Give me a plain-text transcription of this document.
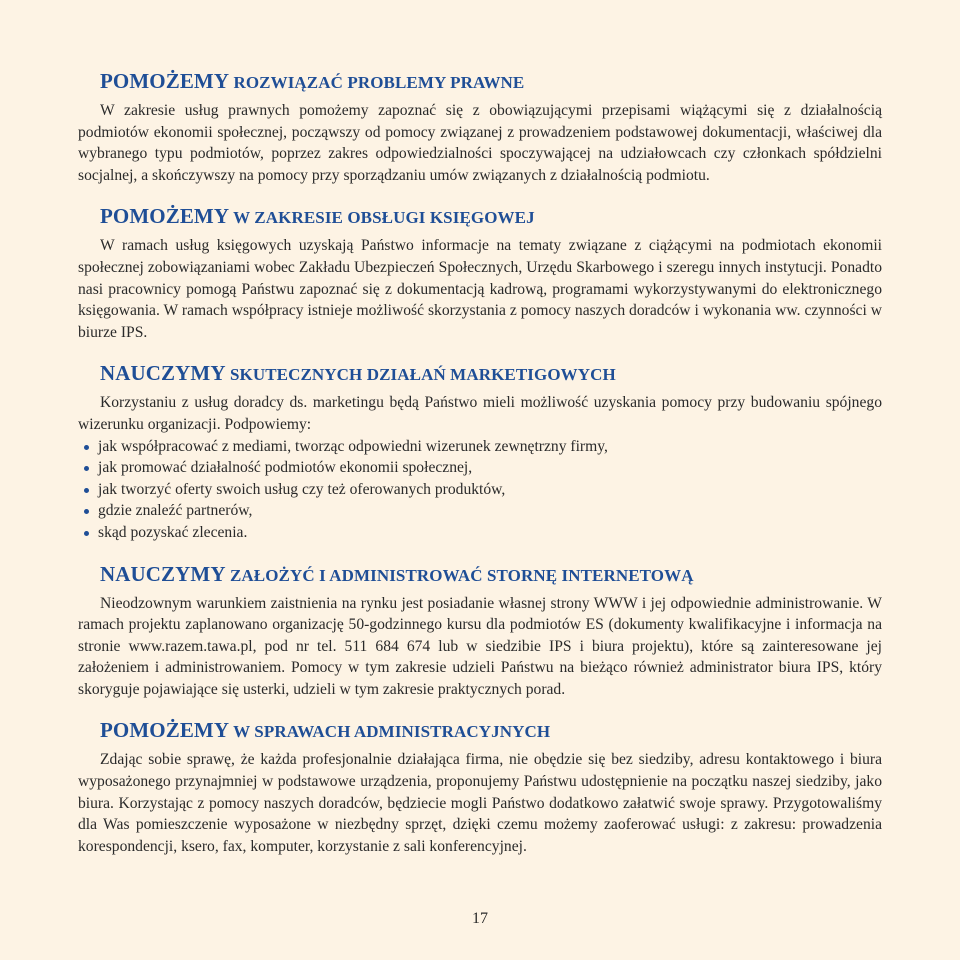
POMOŻEMY ROZWIĄZAĆ PROBLEMY PRAWNE

W zakresie usług prawnych pomożemy zapoznać się z obowiązującymi przepisami wiążącymi się z działalnością podmiotów ekonomii społecznej, począwszy od pomocy związanej z prowadzeniem podstawowej dokumentacji, właściwej dla wybranego typu podmiotów, poprzez zakres odpowiedzialności spoczywającej na udziałowcach czy członkach spółdzielni socjalnej, a skończywszy na pomocy przy sporządzaniu umów związanych z działalnością podmiotu.

POMOŻEMY W ZAKRESIE OBSŁUGI KSIĘGOWEJ

W ramach usług księgowych uzyskają Państwo informacje na tematy związane z ciążącymi na podmiotach ekonomii społecznej zobowiązaniami wobec Zakładu Ubezpieczeń Społecznych, Urzędu Skarbowego i szeregu innych instytucji. Ponadto nasi pracownicy pomogą Państwu zapoznać się z dokumentacją kadrową, programami wykorzystywanymi do elektronicznego księgowania. W ramach współpracy istnieje możliwość skorzystania z pomocy naszych doradców i wykonania ww. czynności w biurze IPS.

NAUCZYMY SKUTECZNYCH DZIAŁAŃ MARKETIGOWYCH

Korzystaniu z usług doradcy ds. marketingu będą Państwo mieli możliwość uzyskania pomocy przy budowaniu spójnego wizerunku organizacji. Podpowiemy:

jak współpracować z mediami, tworząc odpowiedni wizerunek zewnętrzny firmy,
jak promować działalność podmiotów ekonomii społecznej,
jak tworzyć oferty swoich usług czy też oferowanych produktów,
gdzie znaleźć partnerów,
skąd pozyskać zlecenia.
NAUCZYMY ZAŁOŻYĆ I ADMINISTROWAĆ STORNĘ INTERNETOWĄ

Nieodzownym warunkiem zaistnienia na rynku jest posiadanie własnej strony WWW i jej odpowiednie administrowanie. W ramach projektu zaplanowano organizację 50-godzinnego kursu dla podmiotów ES (dokumenty kwalifikacyjne i informacja na stronie www.razem.tawa.pl, pod nr tel. 511 684 674 lub w siedzibie IPS i biura projektu), które są zainteresowane jej założeniem i administrowaniem. Pomocy w tym zakresie udzieli Państwu na bieżąco również administrator biura IPS, który skoryguje pojawiające się usterki, udzieli w tym zakresie praktycznych porad.

POMOŻEMY W SPRAWACH ADMINISTRACYJNYCH

Zdając sobie sprawę, że każda profesjonalnie działająca firma, nie obędzie się bez siedziby, adresu kontaktowego i biura wyposażonego przynajmniej w podstawowe urządzenia, proponujemy Państwu udostępnienie na początku naszej siedziby, jako biura. Korzystając z pomocy naszych doradców, będziecie mogli Państwo dodatkowo załatwić swoje sprawy. Przygotowaliśmy dla Was pomieszczenie wyposażone w niezbędny sprzęt, dzięki czemu możemy zaoferować usługi: z zakresu: prowadzenia korespondencji, ksero, fax, komputer, korzystanie z sali konferencyjnej.

17
